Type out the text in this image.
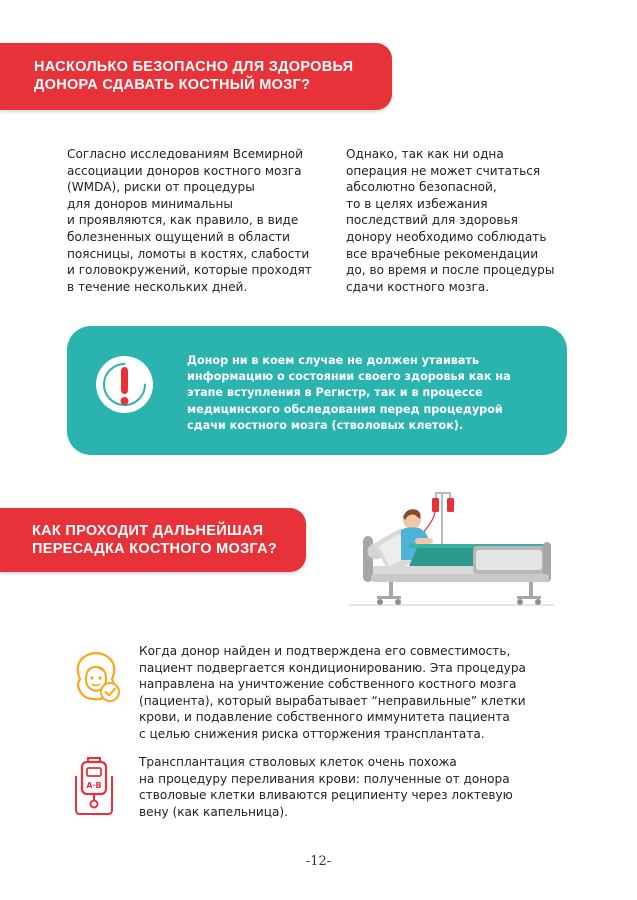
НАСКОЛЬКО БЕЗОПАСНО ДЛЯ ЗДОРОВЬЯ
ДОНОРА СДАВАТЬ КОСТНЫЙ МОЗГ?
Согласно исследованиям Всемирной
ассоциации доноров костного мозга
(WMDA), риски от процедуры
для доноров минимальны
и проявляются, как правило, в виде
болезненных ощущений в области
поясницы, ломоты в костях, слабости
и головокружений, которые проходят
в течение нескольких дней.
Однако, так как ни одна
операция не может считаться
абсолютно безопасной,
то в целях избежания
последствий для здоровья
донору необходимо соблюдать
все врачебные рекомендации
до, во время и после процедуры
сдачи костного мозга.
Донор ни в коем случае не должен утаивать
информацию о состоянии своего здоровья как на
этапе вступления в Регистр, так и в процессе
медицинского обследования перед процедурой
сдачи костного мозга (стволовых клеток).
КАК ПРОХОДИТ ДАЛЬНЕЙШАЯ
ПЕРЕСАДКА КОСТНОГО МОЗГА?
Когда донор найден и подтверждена его совместимость,
пациент подвергается кондиционированию. Эта процедура
направлена на уничтожение собственного костного мозга
(пациента), который вырабатывает “неправильные” клетки
крови, и подавление собственного иммунитета пациента
с целью снижения риска отторжения трансплантата.
A·B
Трансплантация стволовых клеток очень похожа
на процедуру переливания крови: полученные от донора
стволовые клетки вливаются реципиенту через локтевую
вену (как капельница).
-12-
